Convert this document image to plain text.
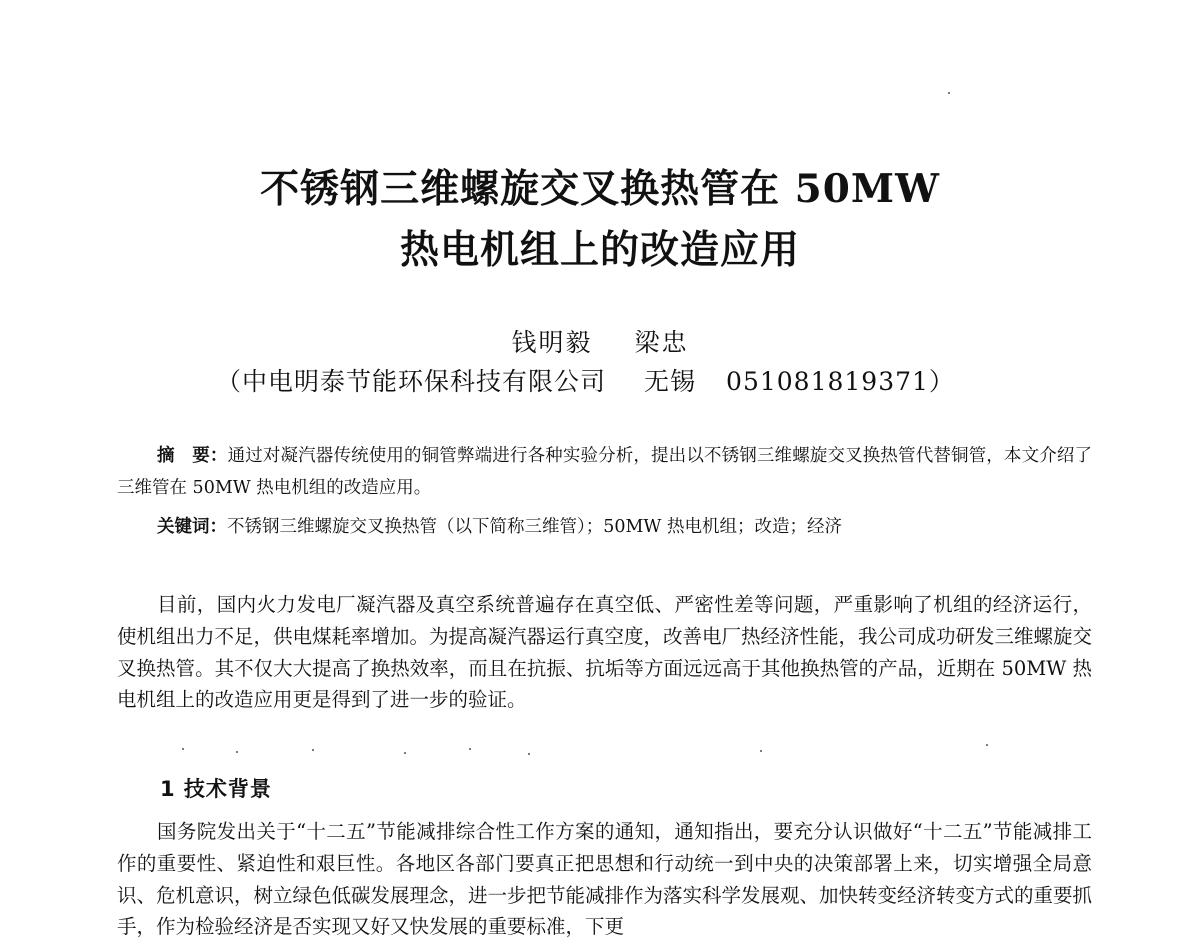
不锈钢三维螺旋交叉换热管在 50MW
热电机组上的改造应用
钱明毅 梁忠
（中电明泰节能环保科技有限公司 无锡 051081819371）

摘　要：通过对凝汽器传统使用的铜管弊端进行各种实验分析，提出以不锈钢三维螺旋交叉换热管代替铜管，本文介绍了三维管在 50MW 热电机组的改造应用。

关键词：不锈钢三维螺旋交叉换热管（以下简称三维管）；50MW 热电机组；改造；经济

目前，国内火力发电厂凝汽器及真空系统普遍存在真空低、严密性差等问题，严重影响了机组的经济运行，使机组出力不足，供电煤耗率增加。为提高凝汽器运行真空度，改善电厂热经济性能，我公司成功研发三维螺旋交叉换热管。其不仅大大提高了换热效率，而且在抗振、抗垢等方面远远高于其他换热管的产品，近期在 50MW 热电机组上的改造应用更是得到了进一步的验证。

1 技术背景

国务院发出关于“十二五”节能减排综合性工作方案的通知，通知指出，要充分认识做好“十二五”节能减排工作的重要性、紧迫性和艰巨性。各地区各部门要真正把思想和行动统一到中央的决策部署上来，切实增强全局意识、危机意识，树立绿色低碳发展理念，进一步把节能减排作为落实科学发展观、加快转变经济转变方式的重要抓手，作为检验经济是否实现又好又快发展的重要标准，下更
